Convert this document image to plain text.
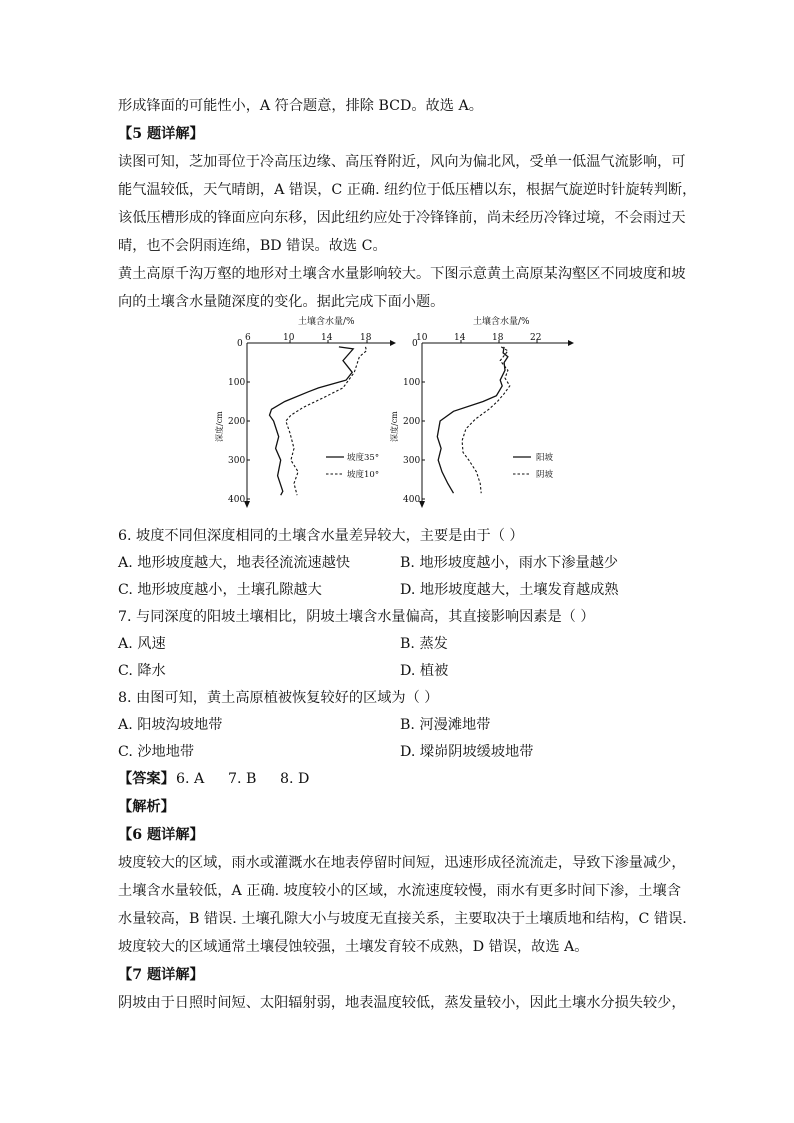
形成锋面的可能性小，A 符合题意，排除 BCD。故选 A。
【5 题详解】
读图可知，芝加哥位于冷高压边缘、高压脊附近，风向为偏北风，受单一低温气流影响，可
能气温较低，天气晴朗，A 错误，C 正确. 纽约位于低压槽以东，根据气旋逆时针旋转判断，
该低压槽形成的锋面应向东移，因此纽约应处于冷锋锋前，尚未经历冷锋过境，不会雨过天
晴，也不会阴雨连绵，BD 错误。故选 C。
黄土高原千沟万壑的地形对土壤含水量影响较大。下图示意黄土高原某沟壑区不同坡度和坡
向的土壤含水量随深度的变化。据此完成下面小题。
土壤含水量/%
6	10	14	18
0
100
200
300
400
深度/cm
坡度35°
坡度10°
土壤含水量/%
10	14	18	22
0
100
200
300
400
深度/cm
阳坡
阴坡
6. 坡度不同但深度相同的土壤含水量差异较大，主要是由于（ ）
A. 地形坡度越大，地表径流流速越快	B. 地形坡度越小，雨水下渗量越少
C. 地形坡度越小，土壤孔隙越大	D. 地形坡度越大，土壤发育越成熟
7. 与同深度的阳坡土壤相比，阴坡土壤含水量偏高，其直接影响因素是（ ）
A. 风速	B. 蒸发
C. 降水	D. 植被
8. 由图可知，黄土高原植被恢复较好的区域为（ ）
A. 阳坡沟坡地带	B. 河漫滩地带
C. 沙地地带	D. 墚峁阴坡缓坡地带
【答案】 6. A 7. B 8. D
【解析】
【6 题详解】
坡度较大的区域，雨水或灌溉水在地表停留时间短，迅速形成径流流走，导致下渗量减少，
土壤含水量较低，A 正确. 坡度较小的区域，水流速度较慢，雨水有更多时间下渗，土壤含
水量较高，B 错误. 土壤孔隙大小与坡度无直接关系，主要取决于土壤质地和结构，C 错误.
坡度较大的区域通常土壤侵蚀较强，土壤发育较不成熟，D 错误，故选 A。
【7 题详解】
阴坡由于日照时间短、太阳辐射弱，地表温度较低，蒸发量较小，因此土壤水分损失较少，
